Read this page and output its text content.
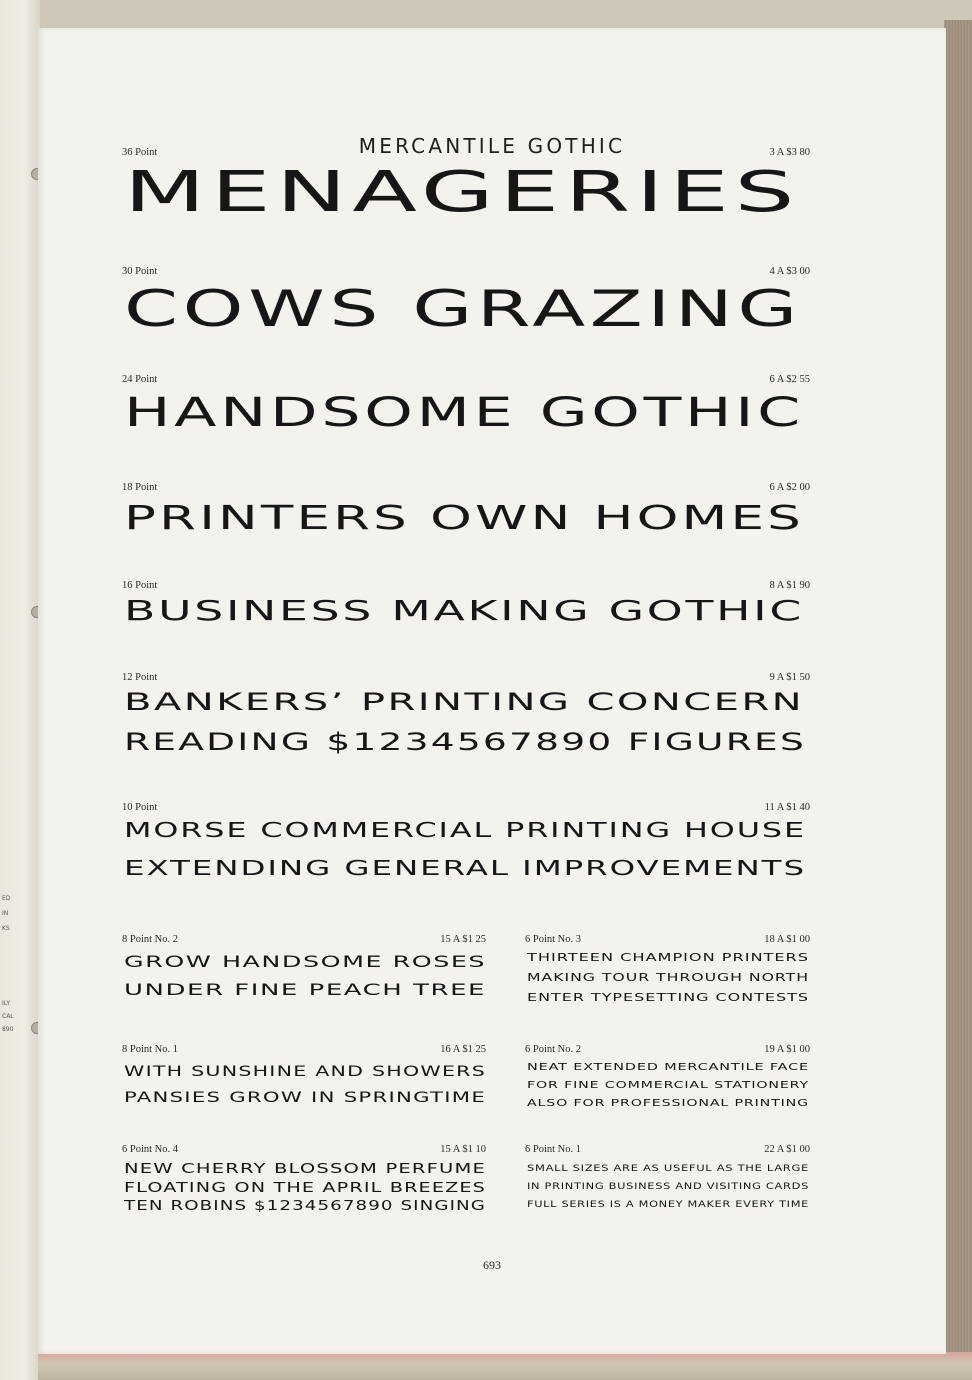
ED
IN
KS
ILY
CAL
890
MERCANTILE GOTHIC
36 Point	3 A $3 80
MENAGERIES
30 Point	4 A $3 00
COWS GRAZING
24 Point	6 A $2 55
HANDSOME GOTHIC
18 Point	6 A $2 00
PRINTERS OWN HOMES
16 Point	8 A $1 90
BUSINESS MAKING GOTHIC
12 Point	9 A $1 50
BANKERS’ PRINTING CONCERN
READING $1234567890 FIGURES
10 Point	11 A $1 40
MORSE COMMERCIAL PRINTING HOUSE
EXTENDING GENERAL IMPROVEMENTS
8 Point No. 2	15 A $1 25
GROW HANDSOME ROSES
UNDER FINE PEACH TREE
8 Point No. 1	16 A $1 25
WITH SUNSHINE AND SHOWERS
PANSIES GROW IN SPRINGTIME
6 Point No. 4	15 A $1 10
NEW CHERRY BLOSSOM PERFUME
FLOATING ON THE APRIL BREEZES
TEN ROBINS $1234567890 SINGING
6 Point No. 3	18 A $1 00
THIRTEEN CHAMPION PRINTERS
MAKING TOUR THROUGH NORTH
ENTER TYPESETTING CONTESTS
6 Point No. 2	19 A $1 00
NEAT EXTENDED MERCANTILE FACE
FOR FINE COMMERCIAL STATIONERY
ALSO FOR PROFESSIONAL PRINTING
6 Point No. 1	22 A $1 00
SMALL SIZES ARE AS USEFUL AS THE LARGE
IN PRINTING BUSINESS AND VISITING CARDS
FULL SERIES IS A MONEY MAKER EVERY TIME
693
